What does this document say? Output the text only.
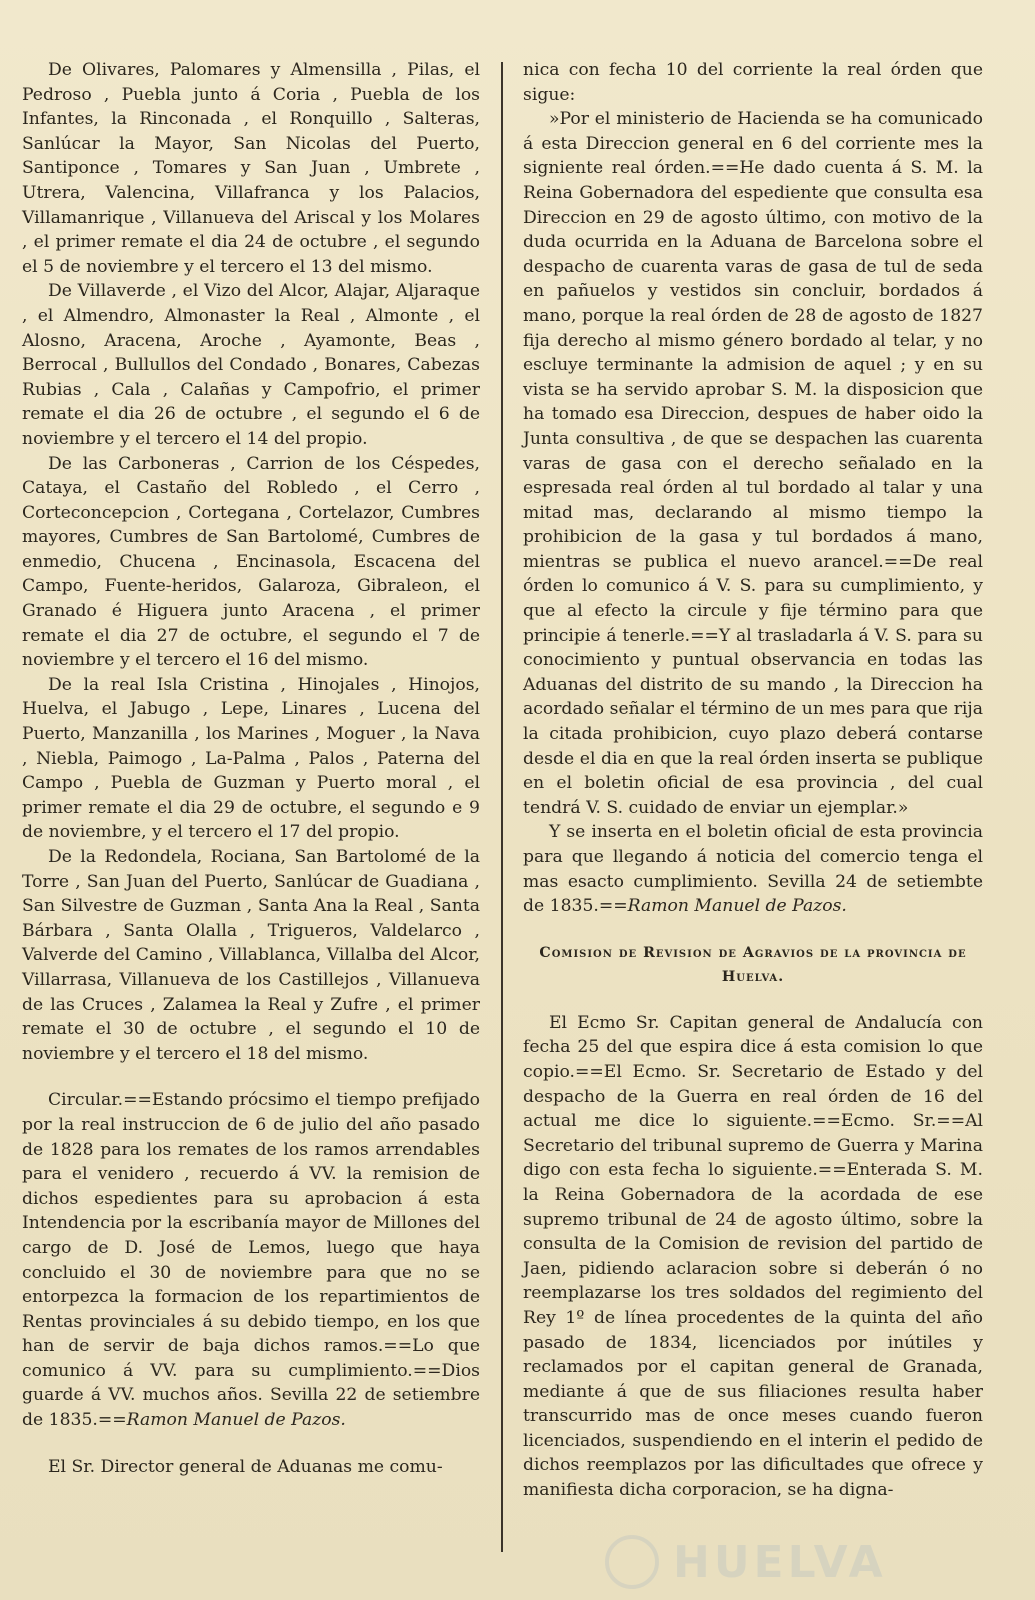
De Olivares, Palomares y Almensilla , Pilas, el Pedroso , Puebla junto á Coria , Puebla de los Infantes, la Rinconada , el Ronquillo , Salteras, Sanlúcar la Mayor, San Nicolas del Puerto, Santiponce , Tomares y San Juan , Umbrete , Utrera, Valencina, Villafranca y los Palacios, Villamanrique , Villanueva del Ariscal y los Molares , el primer remate el dia 24 de octubre , el segundo el 5 de noviembre y el tercero el 13 del mismo.

De Villaverde , el Vizo del Alcor, Alajar, Aljaraque , el Almendro, Almonaster la Real , Almonte , el Alosno, Aracena, Aroche , Ayamonte, Beas , Berrocal , Bullullos del Condado , Bonares, Cabezas Rubias , Cala , Calañas y Campofrio, el primer remate el dia 26 de octubre , el segundo el 6 de noviembre y el tercero el 14 del propio.

De las Carboneras , Carrion de los Céspedes, Cataya, el Castaño del Robledo , el Cerro , Corteconcepcion , Cortegana , Cortelazor, Cumbres mayores, Cumbres de San Bartolomé, Cumbres de enmedio, Chucena , Encinasola, Escacena del Campo, Fuente-heridos, Galaroza, Gibraleon, el Granado é Higuera junto Aracena , el primer remate el dia 27 de octubre, el segundo el 7 de noviembre y el tercero el 16 del mismo.

De la real Isla Cristina , Hinojales , Hinojos, Huelva, el Jabugo , Lepe, Linares , Lucena del Puerto, Manzanilla , los Marines , Moguer , la Nava , Niebla, Paimogo , La-Palma , Palos , Paterna del Campo , Puebla de Guzman y Puerto moral , el primer remate el dia 29 de octubre, el segundo e 9 de noviembre, y el tercero el 17 del propio.

De la Redondela, Rociana, San Bartolomé de la Torre , San Juan del Puerto, Sanlúcar de Guadiana , San Silvestre de Guzman , Santa Ana la Real , Santa Bárbara , Santa Olalla , Trigueros, Valdelarco , Valverde del Camino , Villablanca, Villalba del Alcor, Villarrasa, Villanueva de los Castillejos , Villanueva de las Cruces , Zalamea la Real y Zufre , el primer remate el 30 de octubre , el segundo el 10 de noviembre y el tercero el 18 del mismo.

Circular.==Estando prócsimo el tiempo prefijado por la real instruccion de 6 de julio del año pasado de 1828 para los remates de los ramos arrendables para el venidero , recuerdo á VV. la remision de dichos espedientes para su aprobacion á esta Intendencia por la escribanía mayor de Millones del cargo de D. José de Lemos, luego que haya concluido el 30 de noviembre para que no se entorpezca la formacion de los repartimientos de Rentas provinciales á su debido tiempo, en los que han de servir de baja dichos ramos.==Lo que comunico á VV. para su cumplimiento.==Dios guarde á VV. muchos años. Sevilla 22 de setiembre de 1835.==Ramon Manuel de Pazos.

El Sr. Director general de Aduanas me comu-

nica con fecha 10 del corriente la real órden que sigue:

»Por el ministerio de Hacienda se ha comunicado á esta Direccion general en 6 del corriente mes la signiente real órden.==He dado cuenta á S. M. la Reina Gobernadora del espediente que consulta esa Direccion en 29 de agosto último, con motivo de la duda ocurrida en la Aduana de Barcelona sobre el despacho de cuarenta varas de gasa de tul de seda en pañuelos y vestidos sin concluir, bordados á mano, porque la real órden de 28 de agosto de 1827 fija derecho al mismo género bordado al telar, y no escluye terminante la admision de aquel ; y en su vista se ha servido aprobar S. M. la disposicion que ha tomado esa Direccion, despues de haber oido la Junta consultiva , de que se despachen las cuarenta varas de gasa con el derecho señalado en la espresada real órden al tul bordado al talar y una mitad mas, declarando al mismo tiempo la prohibicion de la gasa y tul bordados á mano, mientras se publica el nuevo arancel.==De real órden lo comunico á V. S. para su cumplimiento, y que al efecto la circule y fije término para que principie á tenerle.==Y al trasladarla á V. S. para su conocimiento y puntual observancia en todas las Aduanas del distrito de su mando , la Direccion ha acordado señalar el término de un mes para que rija la citada prohibicion, cuyo plazo deberá contarse desde el dia en que la real órden inserta se publique en el boletin oficial de esa provincia , del cual tendrá V. S. cuidado de enviar un ejemplar.»

Y se inserta en el boletin oficial de esta provincia para que llegando á noticia del comercio tenga el mas esacto cumplimiento. Sevilla 24 de setiembte de 1835.==Ramon Manuel de Pazos.

Comision de Revision de Agravios de la provincia de Huelva.

El Ecmo Sr. Capitan general de Andalucía con fecha 25 del que espira dice á esta comision lo que copio.==El Ecmo. Sr. Secretario de Estado y del despacho de la Guerra en real órden de 16 del actual me dice lo siguiente.==Ecmo. Sr.==Al Secretario del tribunal supremo de Guerra y Marina digo con esta fecha lo siguiente.==Enterada S. M. la Reina Gobernadora de la acordada de ese supremo tribunal de 24 de agosto último, sobre la consulta de la Comision de revision del partido de Jaen, pidiendo aclaracion sobre si deberán ó no reemplazarse los tres soldados del regimiento del Rey 1º de línea procedentes de la quinta del año pasado de 1834, licenciados por inútiles y reclamados por el capitan general de Granada, mediante á que de sus filiaciones resulta haber transcurrido mas de once meses cuando fueron licenciados, suspendiendo en el interin el pedido de dichos reemplazos por las dificultades que ofrece y manifiesta dicha corporacion, se ha digna-

HUELVA
